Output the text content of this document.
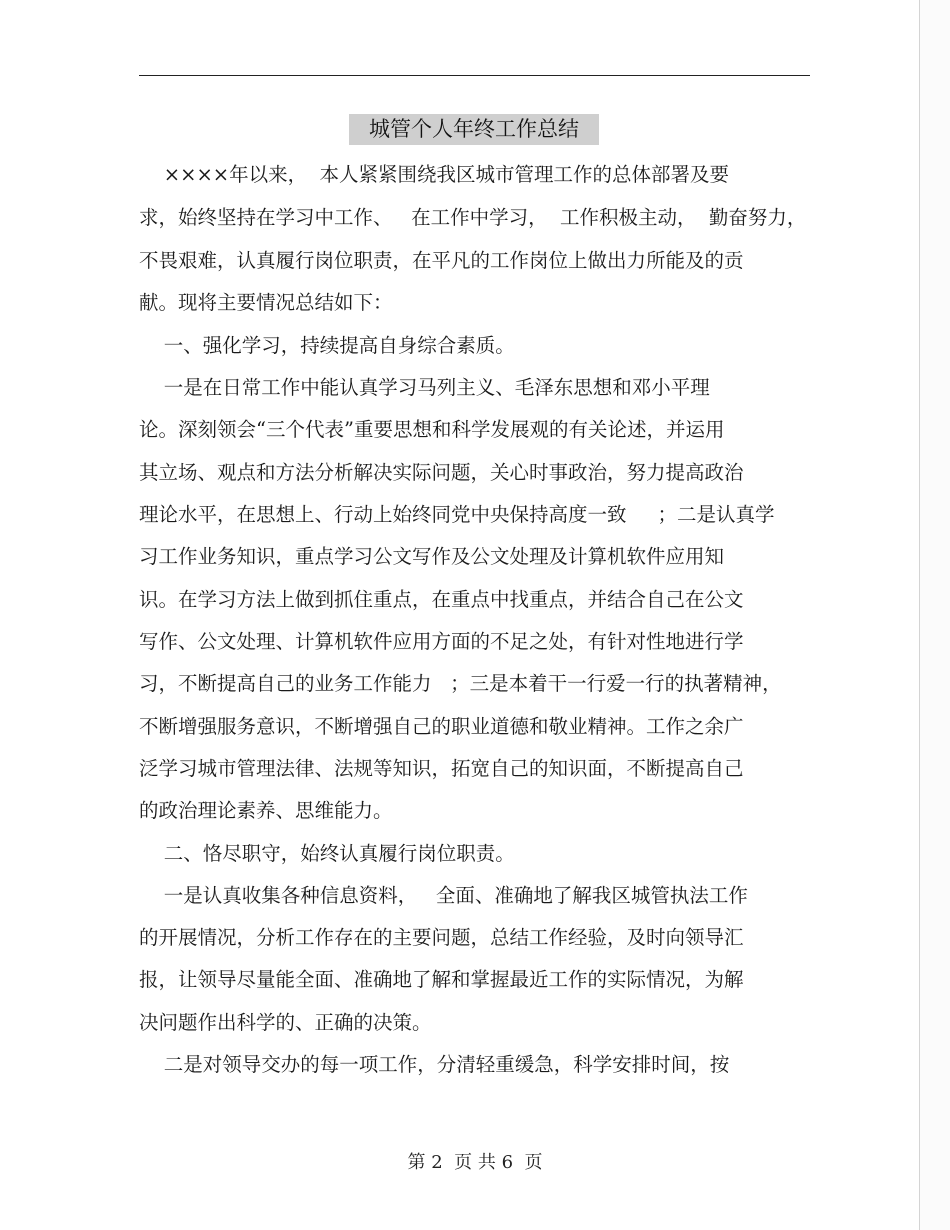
城管个人年终工作总结
××××年以来，  本人紧紧围绕我区城市管理工作的总体部署及要
求，始终坚持在学习中工作、   在工作中学习，  工作积极主动，  勤奋努力，
不畏艰难，认真履行岗位职责，在平凡的工作岗位上做出力所能及的贡
献。现将主要情况总结如下：
一、强化学习，持续提高自身综合素质。
一是在日常工作中能认真学习马列主义、毛泽东思想和邓小平理
论。深刻领会“三个代表”重要思想和科学发展观的有关论述，并运用
其立场、观点和方法分析解决实际问题，关心时事政治，努力提高政治
理论水平，在思想上、行动上始终同党中央保持高度一致     ；二是认真学
习工作业务知识，重点学习公文写作及公文处理及计算机软件应用知
识。在学习方法上做到抓住重点，在重点中找重点，并结合自己在公文
写作、公文处理、计算机软件应用方面的不足之处，有针对性地进行学
习，不断提高自己的业务工作能力   ；三是本着干一行爱一行的执著精神，
不断增强服务意识，不断增强自己的职业道德和敬业精神。工作之余广
泛学习城市管理法律、法规等知识，拓宽自己的知识面，不断提高自己
的政治理论素养、思维能力。
二、恪尽职守，始终认真履行岗位职责。
一是认真收集各种信息资料，   全面、准确地了解我区城管执法工作
的开展情况，分析工作存在的主要问题，总结工作经验，及时向领导汇
报，让领导尽量能全面、准确地了解和掌握最近工作的实际情况，为解
决问题作出科学的、正确的决策。
二是对领导交办的每一项工作，分清轻重缓急，科学安排时间，按
第 2  页 共 6  页
